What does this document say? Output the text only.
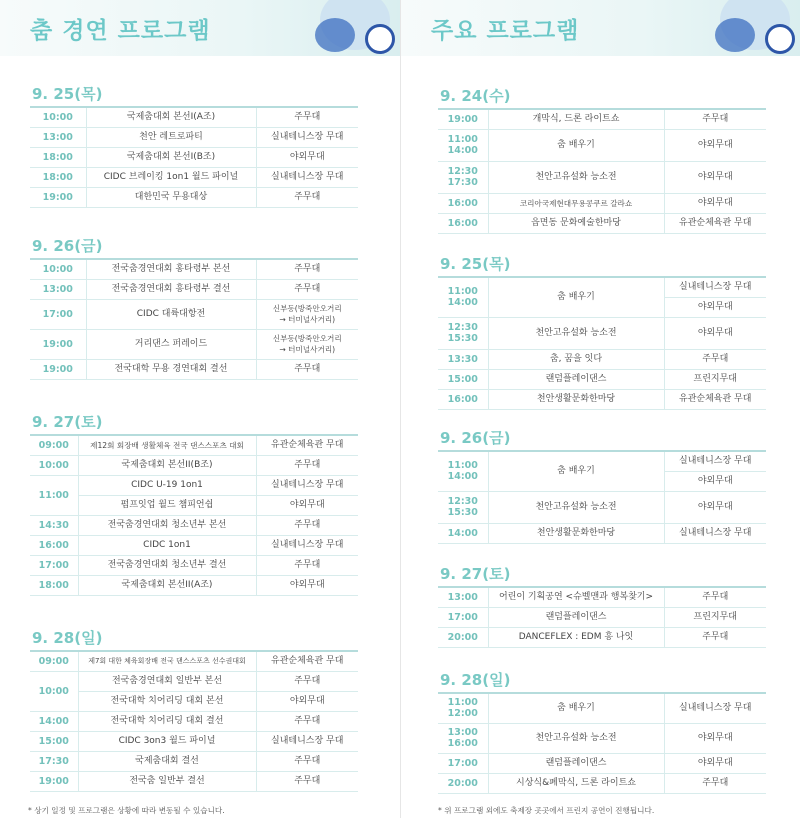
춤 경연 프로그램
9. 25(목)
10:00	국제춤대회 본선I(A조)	주무대
13:00	천안 레트로파티	실내테니스장 무대
18:00	국제춤대회 본선I(B조)	야외무대
18:00	CIDC 브레이킹 1on1 월드 파이널	실내테니스장 무대
19:00	대한민국 무용대상	주무대
9. 26(금)
10:00	전국춤경연대회 홍타령부 본선	주무대
13:00	전국춤경연대회 흥타령부 결선	주무대
17:00	CIDC 대륙대항전	신부동(방죽안오거리
→ 터미널사거리)
19:00	거리댄스 퍼레이드	신부동(방죽안오거리
→ 터미널사거리)
19:00	전국대학 무용 경연대회 결선	주무대
9. 27(토)
09:00	제12회 회장배 생활체육 전국 댄스스포츠 대회	유관순체육관 무대
10:00	국제춤대회 본선II(B조)	주무대
11:00	CIDC U-19 1on1	실내테니스장 무대
	펌프잇업 월드 챔피언쉽	야외무대
14:30	전국춤경연대회 청소년부 본선	주무대
16:00	CIDC 1on1	실내테니스장 무대
17:00	전국춤경연대회 청소년부 결선	주무대
18:00	국제춤대회 본선II(A조)	야외무대
9. 28(일)
09:00	제7회 대한 체육회장배 전국 댄스스포츠 선수권대회	유관순체육관 무대
10:00	전국춤경연대회 일반부 본선	주무대
	전국대학 치어리딩 대회 본선	야외무대
14:00	전국대학 치어리딩 대회 결선	주무대
15:00	CIDC 3on3 월드 파이널	실내테니스장 무대
17:30	국제춤대회 결선	주무대
19:00	전국춤 일반부 결선	주무대
* 상기 일정 및 프로그램은 상황에 따라 변동될 수 있습니다.
주요 프로그램
9. 24(수)
19:00	개막식, 드론 라이트쇼	주무대
11:00
14:00	춤 배우기	야외무대
12:30
17:30	천안고유설화 능소전	야외무대
16:00	코리아국제현대무용콩쿠르 갈라쇼	야외무대
16:00	읍면동 문화예술한마당	유관순체육관 무대
9. 25(목)
11:00
14:00	춤 배우기	실내테니스장 무대
		야외무대
12:30
15:30	천안고유설화 능소전	야외무대
13:30	춤, 꿈을 잇다	주무대
15:00	랜덤플레이댄스	프린지무대
16:00	천안생활문화한마당	유관순체육관 무대
9. 26(금)
11:00
14:00	춤 배우기	실내테니스장 무대
		야외무대
12:30
15:30	천안고유설화 능소전	야외무대
14:00	천안생활문화한마당	실내테니스장 무대
9. 27(토)
13:00	어린이 기획공연 <슈벨맨과 행복찾기>	주무대
17:00	랜덤플레이댄스	프린지무대
20:00	DANCEFLEX : EDM 흥 나잇	주무대
9. 28(일)
11:00
12:00	춤 배우기	실내테니스장 무대
13:00
16:00	천안고유설화 능소전	야외무대
17:00	랜덤플레이댄스	야외무대
20:00	시상식&폐막식, 드론 라이트쇼	주무대
* 위 프로그램 외에도 축제장 곳곳에서 프린지 공연이 진행됩니다.
